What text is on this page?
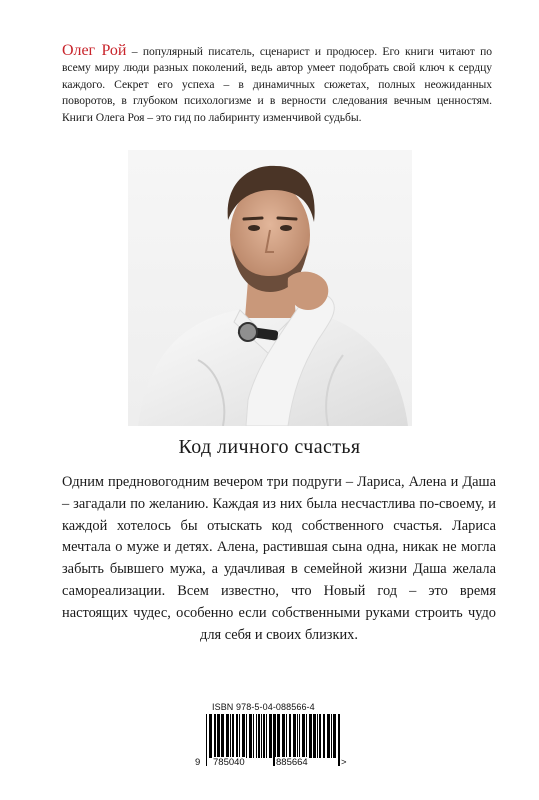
Олег Рой – популярный писатель, сценарист и продюсер. Его книги читают по всему миру люди разных поколений, ведь автор умеет подобрать свой ключ к сердцу каждого. Секрет его успеха – в динамичных сюжетах, полных неожиданных поворотов, в глубоком психологизме и в верности следования вечным ценностям. Книги Олега Роя – это гид по лабиринту изменчивой судьбы.
Код личного счастья
Одним предновогодним вечером три подруги – Лариса, Алена и Даша – загадали по желанию. Каждая из них была несчастлива по-своему, и каждой хотелось бы отыскать код собственного счастья. Лариса мечтала о муже и детях. Алена, растившая сына одна, никак не могла забыть бывшего мужа, а удачливая в семейной жизни Даша желала самореализации. Всем известно, что Новый год – это время настоящих чудес, особенно если собственными руками строить чудо для себя и своих близких.
ISBN 978-5-04-088566-4
9 785040	885664	>
